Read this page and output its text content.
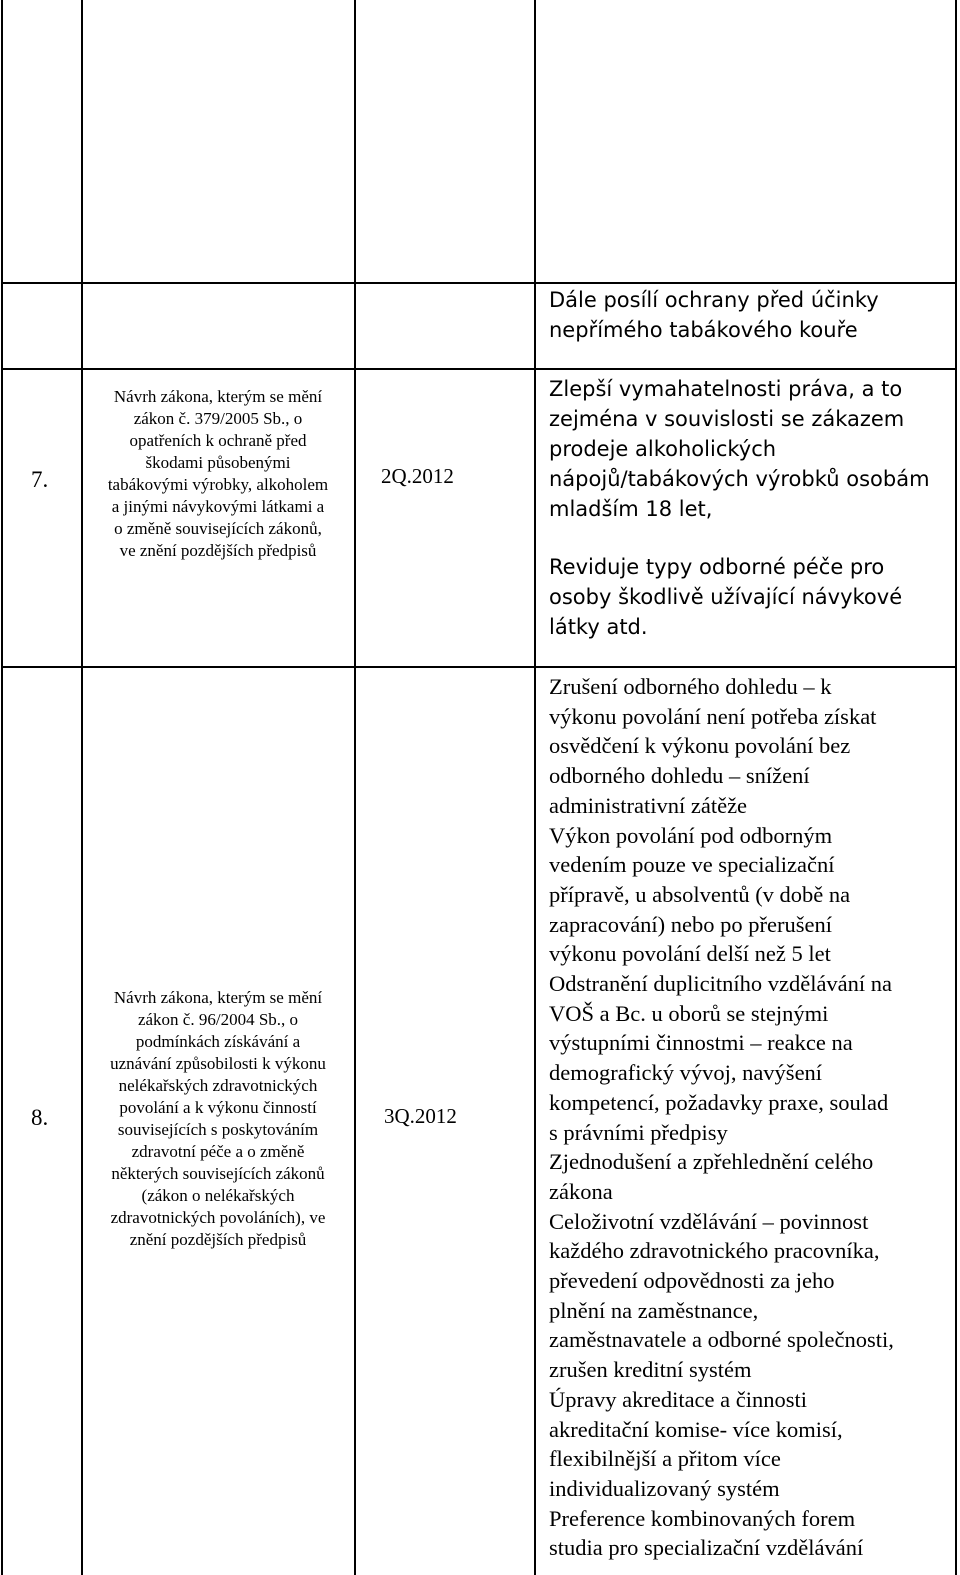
Dále posílí ochrany před účinky
nepřímého tabákového kouře
7.
Návrh zákona, kterým se mění
zákon č. 379/2005 Sb., o
opatřeních k ochraně před
škodami působenými
tabákovými výrobky, alkoholem
a jinými návykovými látkami a
o změně souvisejících zákonů,
ve znění pozdějších předpisů
2Q.2012
Zlepší vymahatelnosti práva, a to
zejména v souvislosti se zákazem
prodeje alkoholických
nápojů/tabákových výrobků osobám
mladším 18 let,
Reviduje typy odborné péče pro
osoby škodlivě užívající návykové
látky atd.
8.
Návrh zákona, kterým se mění
zákon č. 96/2004 Sb., o
podmínkách získávání a
uznávání způsobilosti k výkonu
nelékařských zdravotnických
povolání a k výkonu činností
souvisejících s poskytováním
zdravotní péče a o změně
některých souvisejících zákonů
(zákon o nelékařských
zdravotnických povoláních), ve
znění pozdějších předpisů
3Q.2012
Zrušení odborného dohledu – k
výkonu povolání není potřeba získat
osvědčení k výkonu povolání bez
odborného dohledu – snížení
administrativní zátěže
Výkon povolání pod odborným
vedením pouze ve specializační
přípravě, u absolventů (v době na
zapracování) nebo po přerušení
výkonu povolání delší než 5 let
Odstranění duplicitního vzdělávání na
VOŠ a Bc. u oborů se stejnými
výstupními činnostmi – reakce na
demografický vývoj, navýšení
kompetencí, požadavky praxe, soulad
s právními předpisy
Zjednodušení a zpřehlednění celého
zákona
Celoživotní vzdělávání – povinnost
každého zdravotnického pracovníka,
převedení odpovědnosti za jeho
plnění na zaměstnance,
zaměstnavatele a odborné společnosti,
zrušen kreditní systém
Úpravy akreditace a činnosti
akreditační komise- více komisí,
flexibilnější a přitom více
individualizovaný systém
Preference kombinovaných forem
studia pro specializační vzdělávání
